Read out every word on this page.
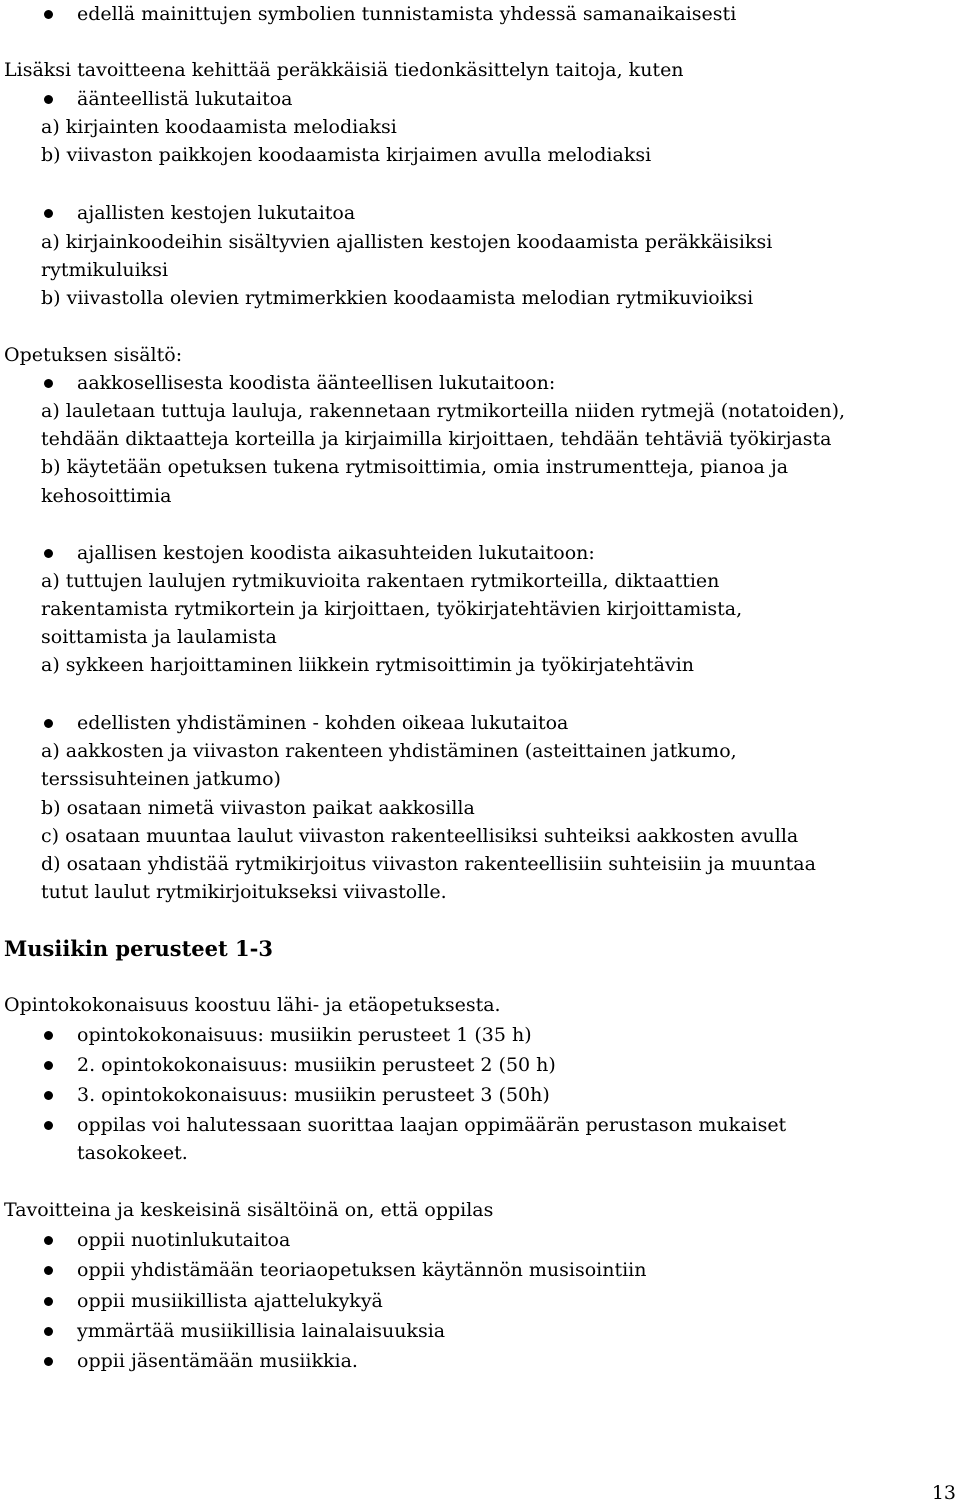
edellä mainittujen symbolien tunnistamista yhdessä samanaikaisesti
Lisäksi tavoitteena kehittää peräkkäisiä tiedonkäsittelyn taitoja, kuten
äänteellistä lukutaitoa
a) kirjainten koodaamista melodiaksi
b) viivaston paikkojen koodaamista kirjaimen avulla melodiaksi
ajallisten kestojen lukutaitoa
a) kirjainkoodeihin sisältyvien ajallisten kestojen koodaamista peräkkäisiksi
rytmikuluiksi
b) viivastolla olevien rytmimerkkien koodaamista melodian rytmikuvioiksi
Opetuksen sisältö:
aakkosellisesta koodista äänteellisen lukutaitoon:
a) lauletaan tuttuja lauluja, rakennetaan rytmikorteilla niiden rytmejä (notatoiden),
tehdään diktaatteja korteilla ja kirjaimilla kirjoittaen, tehdään tehtäviä työkirjasta
b) käytetään opetuksen tukena rytmisoittimia, omia instrumentteja, pianoa ja
kehosoittimia
ajallisen kestojen koodista aikasuhteiden lukutaitoon:
a) tuttujen laulujen rytmikuvioita rakentaen rytmikorteilla, diktaattien
rakentamista rytmikortein ja kirjoittaen, työkirjatehtävien kirjoittamista,
soittamista ja laulamista
a) sykkeen harjoittaminen liikkein rytmisoittimin ja työkirjatehtävin
edellisten yhdistäminen - kohden oikeaa lukutaitoa
a) aakkosten ja viivaston rakenteen yhdistäminen (asteittainen jatkumo,
terssisuhteinen jatkumo)
b) osataan nimetä viivaston paikat aakkosilla
c) osataan muuntaa laulut viivaston rakenteellisiksi suhteiksi aakkosten avulla
d) osataan yhdistää rytmikirjoitus viivaston rakenteellisiin suhteisiin ja muuntaa
tutut laulut rytmikirjoitukseksi viivastolle.
Musiikin perusteet 1-3
Opintokokonaisuus koostuu lähi- ja etäopetuksesta.
opintokokonaisuus: musiikin perusteet 1 (35 h)
2. opintokokonaisuus: musiikin perusteet 2 (50 h)
3. opintokokonaisuus: musiikin perusteet 3 (50h)
oppilas voi halutessaan suorittaa laajan oppimäärän perustason mukaiset
tasokokeet.
Tavoitteina ja keskeisinä sisältöinä on, että oppilas
oppii nuotinlukutaitoa
oppii yhdistämään teoriaopetuksen käytännön musisointiin
oppii musiikillista ajattelukykyä
ymmärtää musiikillisia lainalaisuuksia
oppii jäsentämään musiikkia.
13
